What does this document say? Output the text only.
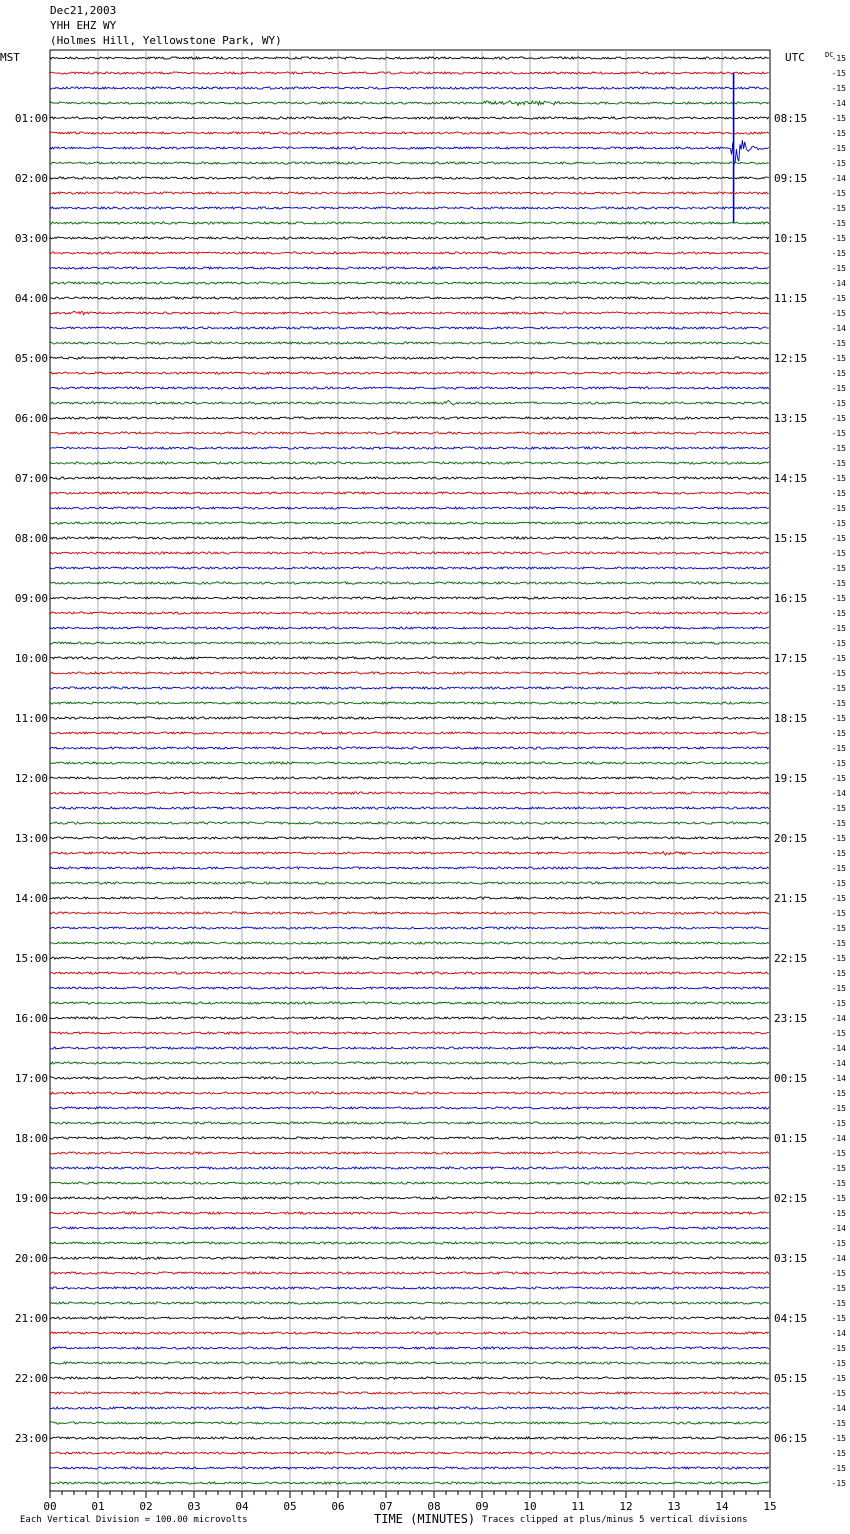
Dec21,2003
YHH EHZ WY
(Holmes Hill, Yellowstone Park, WY)
MST	UTC	DC
01:00
02:00
03:00
04:00
05:00
06:00
07:00
08:00
09:00
10:00
11:00
12:00
13:00
14:00
15:00
16:00
17:00
18:00
19:00
20:00
21:00
22:00
23:00
08:15
09:15
10:15
11:15
12:15
13:15
14:15
15:15
16:15
17:15
18:15
19:15
20:15
21:15
22:15
23:15
00:15
01:15
02:15
03:15
04:15
05:15
06:15
-15
-15
-15
-14
-15
-15
-15
-15
-14
-15
-15
-15
-15
-15
-15
-14
-15
-15
-14
-15
-15
-15
-15
-15
-15
-15
-15
-15
-15
-15
-15
-15
-15
-15
-15
-15
-15
-15
-15
-15
-15
-15
-15
-15
-15
-15
-15
-15
-15
-14
-15
-15
-15
-15
-15
-15
-15
-15
-15
-15
-15
-15
-15
-15
-14
-15
-14
-14
-14
-15
-15
-15
-14
-15
-15
-15
-15
-15
-14
-15
-14
-15
-15
-15
-15
-14
-15
-15
-15
-15
-14
-15
-15
-15
-15
-15
00	01	02	03	04	05	06	07	08	09	10	11	12	13	14	15
Each Vertical Division = 100.00 microvolts	TIME (MINUTES) Traces clipped at plus/minus 5 vertical divisions
